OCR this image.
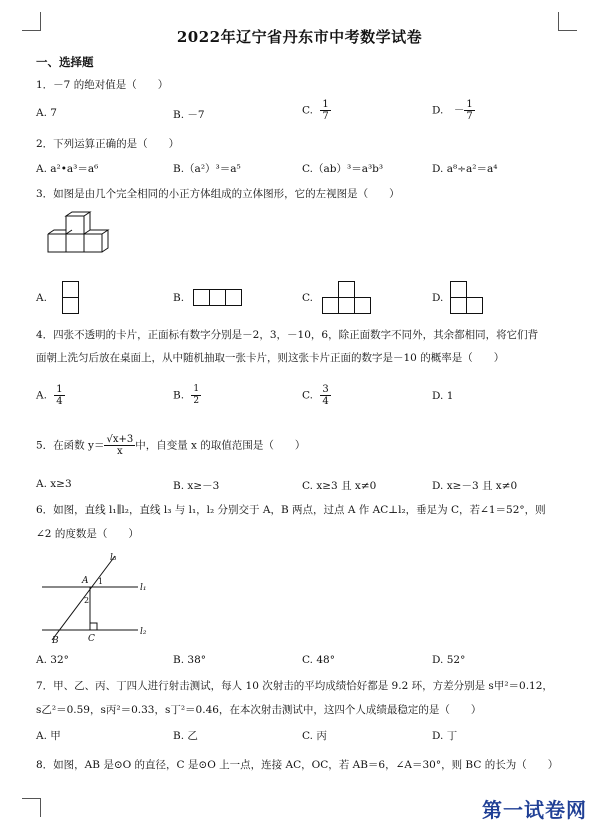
2022年辽宁省丹东市中考数学试卷
一、选择题
1．－7 的绝对值是（　　）
A. 7	B. －7	C. $\frac{1}{7}$	D.　－ $\frac{1}{7}$
2．下列运算正确的是（　　）
A. a²•a³＝a⁶	B.（a²）³＝a⁵	C.（ab）³＝a³b³	D. a⁸÷a²＝a⁴
3．如图是由几个完全相同的小正方体组成的立体图形，它的左视图是（　　）
A.	B.	C.	D.
4．四张不透明的卡片，正面标有数字分别是－2，3，－10，6，除正面数字不同外，其余都相同，将它们背
面朝上洗匀后放在桌面上，从中随机抽取一张卡片，则这张卡片正面的数字是－10 的概率是（　　）
A. $\frac{1}{4}$	B. $\frac{1}{2}$	C. $\frac{3}{4}$	D. 1
5．在函数 $y= \frac{√x+3}{x}$ 中，自变量 x 的取值范围是（　　）
A. x≥3	B. x≥－3	C. x≥3 且 x≠0	D. x≥－3 且 x≠0
6．如图，直线 l₁∥l₂，直线 l₃ 与 l₁，l₂ 分别交于 A，B 两点，过点 A 作 AC⊥l₂，垂足为 C，若∠1＝52°，则
∠2 的度数是（　　）
l₃
l₁
l₂
A
B	C
1
2
A. 32°	B. 38°	C. 48°	D. 52°
7．甲、乙、丙、丁四人进行射击测试，每人 10 次射击的平均成绩恰好都是 9.2 环，方差分别是 s甲²＝0.12，
s乙²＝0.59，s丙²＝0.33，s丁²＝0.46，在本次射击测试中，这四个人成绩最稳定的是（　　）
A. 甲	B. 乙	C. 丙	D. 丁
8．如图，AB 是⊙O 的直径，C 是⊙O 上一点，连接 AC，OC，若 AB＝6，∠A＝30°，则 BC 的长为（　　）
第一试卷网
